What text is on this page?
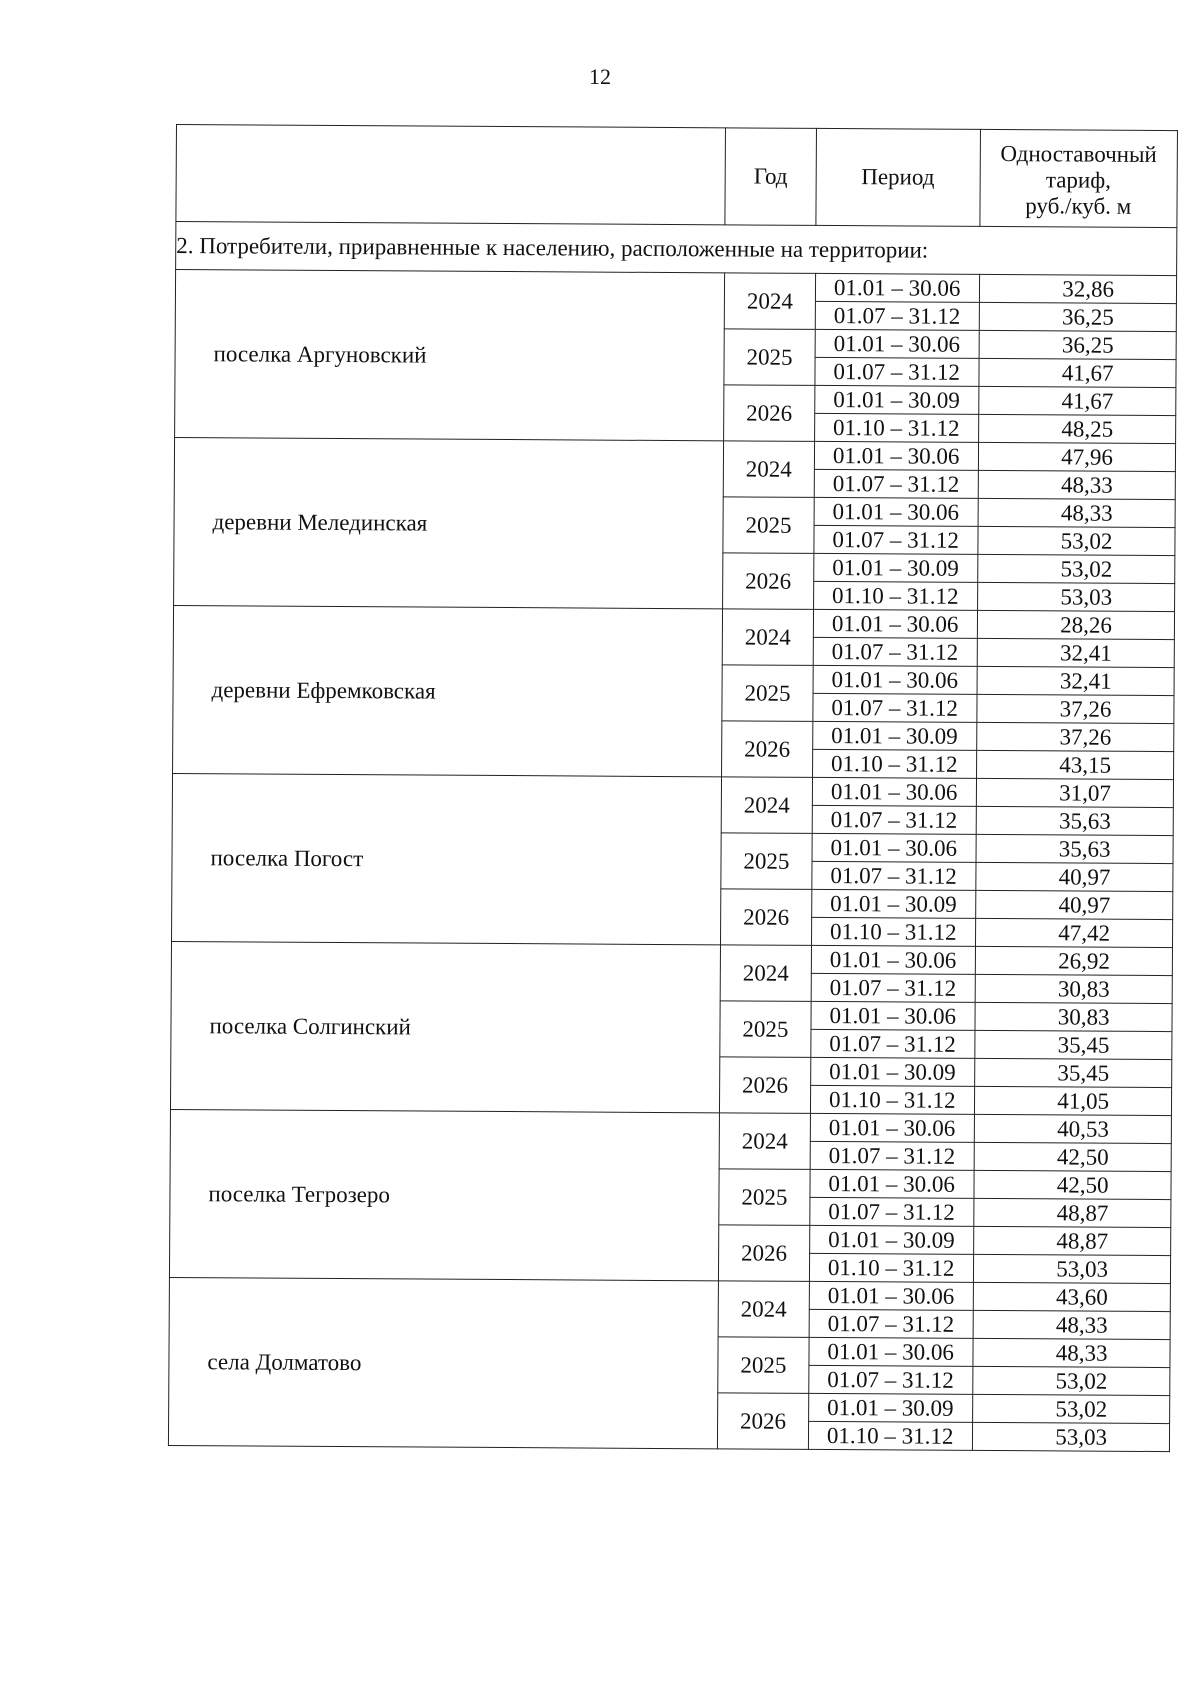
12
	Год	Период	Одноставочный
тариф,
руб./куб. м
2. Потребители, приравненные к населению, расположенные на территории:			
поселка Аргуновский	2024	01.01 – 30.06	32,86
		01.07 – 31.12	36,25
	2025	01.01 – 30.06	36,25
		01.07 – 31.12	41,67
	2026	01.01 – 30.09	41,67
		01.10 – 31.12	48,25
деревни Мелединская	2024	01.01 – 30.06	47,96
		01.07 – 31.12	48,33
	2025	01.01 – 30.06	48,33
		01.07 – 31.12	53,02
	2026	01.01 – 30.09	53,02
		01.10 – 31.12	53,03
деревни Ефремковская	2024	01.01 – 30.06	28,26
		01.07 – 31.12	32,41
	2025	01.01 – 30.06	32,41
		01.07 – 31.12	37,26
	2026	01.01 – 30.09	37,26
		01.10 – 31.12	43,15
поселка Погост	2024	01.01 – 30.06	31,07
		01.07 – 31.12	35,63
	2025	01.01 – 30.06	35,63
		01.07 – 31.12	40,97
	2026	01.01 – 30.09	40,97
		01.10 – 31.12	47,42
поселка Солгинский	2024	01.01 – 30.06	26,92
		01.07 – 31.12	30,83
	2025	01.01 – 30.06	30,83
		01.07 – 31.12	35,45
	2026	01.01 – 30.09	35,45
		01.10 – 31.12	41,05
поселка Тегрозеро	2024	01.01 – 30.06	40,53
		01.07 – 31.12	42,50
	2025	01.01 – 30.06	42,50
		01.07 – 31.12	48,87
	2026	01.01 – 30.09	48,87
		01.10 – 31.12	53,03
села Долматово	2024	01.01 – 30.06	43,60
		01.07 – 31.12	48,33
	2025	01.01 – 30.06	48,33
		01.07 – 31.12	53,02
	2026	01.01 – 30.09	53,02
		01.10 – 31.12	53,03
